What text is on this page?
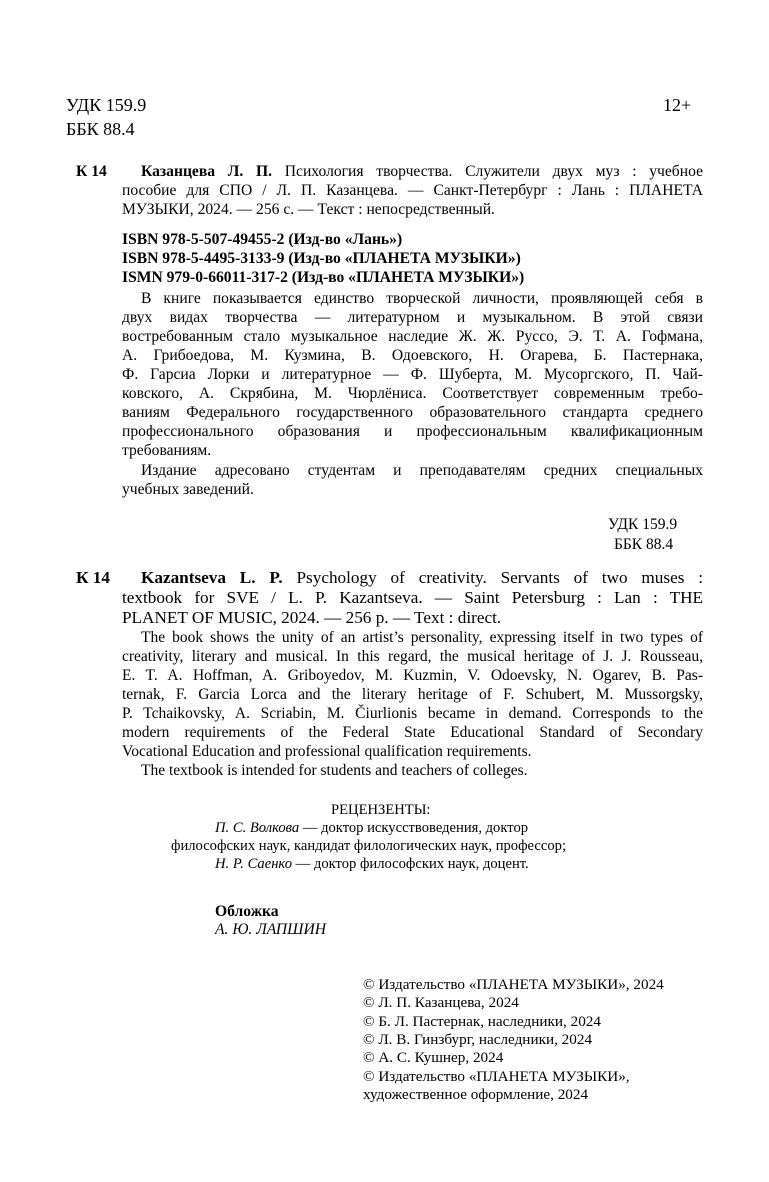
УДК 159.9
ББК 88.4
12+
К 14 Казанцева Л. П. Психология творчества. Служители двух муз : учебное
пособие для СПО / Л. П. Казанцева. — Санкт-Петербург : Лань : ПЛАНЕТА
МУЗЫКИ, 2024. — 256 с. — Текст : непосредственный.
ISBN 978-5-507-49455-2 (Изд-во «Лань»)
ISBN 978-5-4495-3133-9 (Изд-во «ПЛАНЕТА МУЗЫКИ»)
ISMN 979-0-66011-317-2 (Изд-во «ПЛАНЕТА МУЗЫКИ»)
В книге показывается единство творческой личности, проявляющей себя в
двух видах творчества — литературном и музыкальном. В этой связи
востребованным стало музыкальное наследие Ж. Ж. Руссо, Э. Т. А. Гофмана,
А. Грибоедова, М. Кузмина, В. Одоевского, Н. Огарева, Б. Пастернака,
Ф. Гарсиа Лорки и литературное — Ф. Шуберта, М. Мусоргского, П. Чай-
ковского, А. Скрябина, М. Чюрлёниса. Соответствует современным требо-
ваниям Федерального государственного образовательного стандарта среднего
профессионального образования и профессиональным квалификационным
требованиям.
Издание адресовано студентам и преподавателям средних специальных
учебных заведений.
УДК 159.9
ББК 88.4
К 14 Kazantseva L. P. Psychology of creativity. Servants of two muses :
textbook for SVE / L. P. Kazantseva. — Saint Petersburg : Lan : THE
PLANET OF MUSIC, 2024. — 256 p. — Text : direct.
The book shows the unity of an artist’s personality, expressing itself in two types of
creativity, literary and musical. In this regard, the musical heritage of J. J. Rousseau,
E. T. A. Hoffman, A. Griboyedov, M. Kuzmin, V. Odoevsky, N. Ogarev, B. Pas-
ternak, F. Garcia Lorca and the literary heritage of F. Schubert, M. Mussorgsky,
P. Tchaikovsky, A. Scriabin, M. Čiurlionis became in demand. Corresponds to the
modern requirements of the Federal State Educational Standard of Secondary
Vocational Education and professional qualification requirements.
The textbook is intended for students and teachers of colleges.
РЕЦЕНЗЕНТЫ:
П. С. Волкова — доктор искусствоведения, доктор
философских наук, кандидат филологических наук, профессор;
Н. Р. Саенко — доктор философских наук, доцент.
Обложка
А. Ю. ЛАПШИН
© Издательство «ПЛАНЕТА МУЗЫКИ», 2024
© Л. П. Казанцева, 2024
© Б. Л. Пастернак, наследники, 2024
© Л. В. Гинзбург, наследники, 2024
© А. С. Кушнер, 2024
© Издательство «ПЛАНЕТА МУЗЫКИ»,
художественное оформление, 2024
